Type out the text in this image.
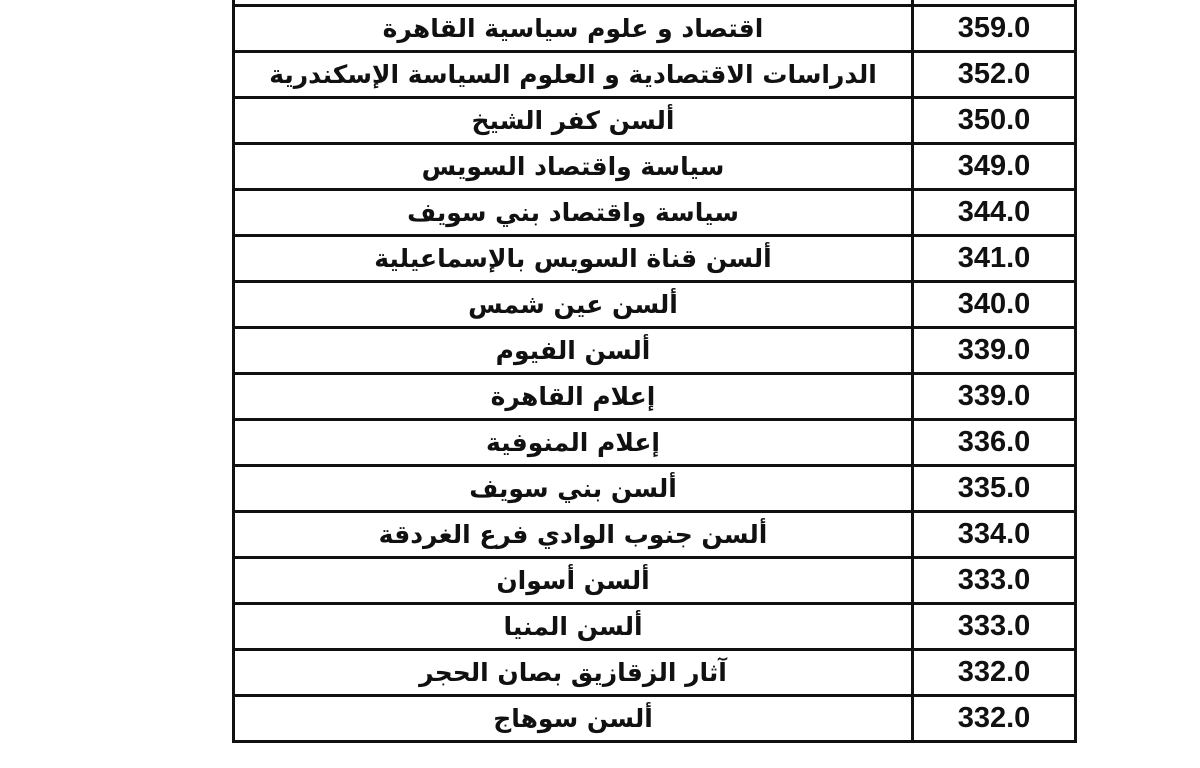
اقتصاد و علوم سياسية القاهرة	359.0
الدراسات الاقتصادية و العلوم السياسة الإسكندرية	352.0
ألسن كفر الشيخ	350.0
سياسة واقتصاد السويس	349.0
سياسة واقتصاد بني سويف	344.0
ألسن قناة السويس بالإسماعيلية	341.0
ألسن عين شمس	340.0
ألسن الفيوم	339.0
إعلام القاهرة	339.0
إعلام المنوفية	336.0
ألسن بني سويف	335.0
ألسن جنوب الوادي فرع الغردقة	334.0
ألسن أسوان	333.0
ألسن المنيا	333.0
آثار الزقازيق بصان الحجر	332.0
ألسن سوهاج	332.0
